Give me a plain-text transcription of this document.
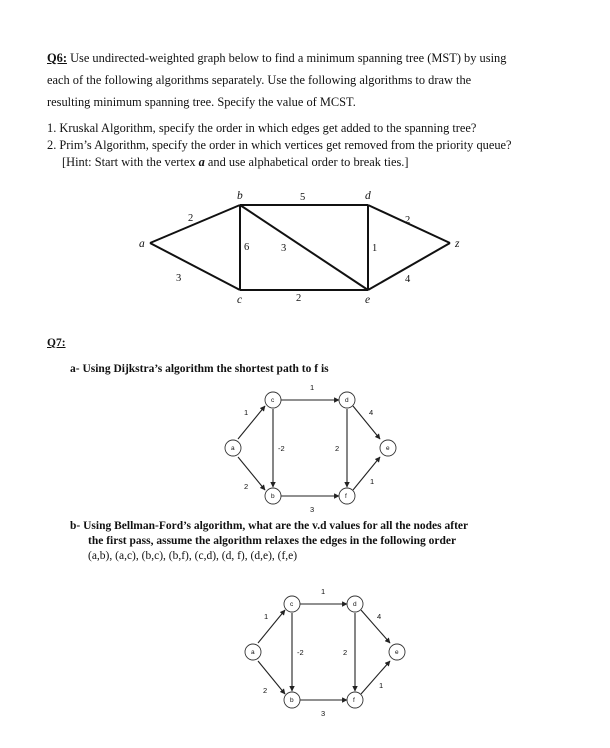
Q6: Use undirected-weighted graph below to find a minimum spanning tree (MST) by using
each of the following algorithms separately. Use the following algorithms to draw the
resulting minimum spanning tree. Specify the value of MCST.
1. Kruskal Algorithm, specify the order in which edges get added to the spanning tree?
2. Prim’s Algorithm, specify the order in which vertices get removed from the priority queue?
[Hint: Start with the vertex a and use alphabetical order to break ties.]
Q7:
a- Using Dijkstra’s algorithm the shortest path to f is
b- Using Bellman-Ford’s algorithm, what are the v.d values for all the nodes after
the first pass, assume the algorithm relaxes the edges in the following order
(a,b), (a,c), (b,c), (b,f), (c,d), (d, f), (d,e), (f,e)
2
3
6
5
3
2
1
2
4
a
b
c
d
e
z
1
2
-2
1
3
2
4
1
a
b
c	d
e
f
1
2
-2
1
3
2
4
1
a
b
c	d
e
f
